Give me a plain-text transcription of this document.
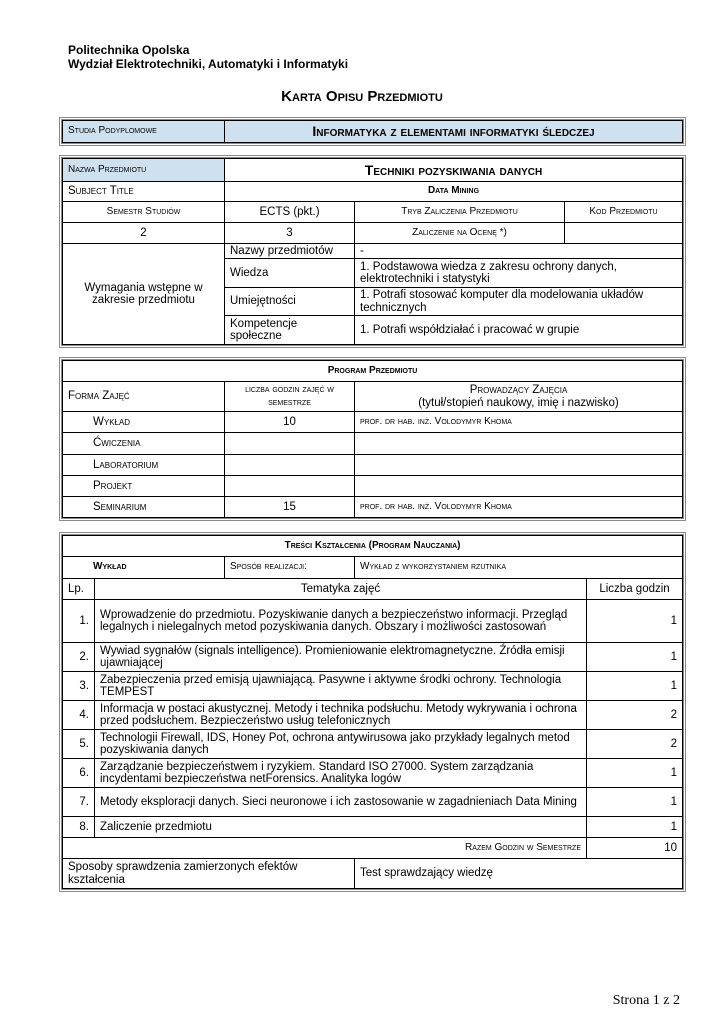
Politechnika Opolska
Wydział Elektrotechniki, Automatyki i Informatyki
Karta Opisu Przedmiotu
Studia Podyplomowe	Informatyka z elementami informatyki śledczej
Nazwa Przedmiotu	Techniki pozyskiwania danych		
Subject Title	Data Mining		
Semestr Studiów	ECTS (pkt.)	Tryb Zaliczenia Przedmiotu	Kod Przedmiotu
2	3	Zaliczenie na Ocenę *)	
Wymagania wstępne w zakresie przedmiotu	Nazwy przedmiotów	-	
	Wiedza	1. Podstawowa wiedza z zakresu ochrony danych, elektrotechniki i statystyki	
	Umiejętności	1. Potrafi stosować komputer dla modelowania układów technicznych	
	Kompetencje społeczne	1. Potrafi współdziałać i pracować w grupie	
Program Przedmiotu		
Forma Zajęć	liczba godzin zajęć w semestrze	Prowadzący Zajęcia
(tytuł/stopień naukowy, imię i nazwisko)

Wykład	10	prof. dr hab. inż. Volodymyr Khoma
Ćwiczenia		
Laboratorium		
Projekt		
Seminarium	15	prof. dr hab. inż. Volodymyr Khoma
Treści Kształcenia (Program Nauczania)				
Wykład		Sposób realizacji:	Wykład z wykorzystaniem rzutnika	
Lp.	Tematyka zajęć			Liczba godzin
1.	Wprowadzenie do przedmiotu. Pozyskiwanie danych a bezpieczeństwo informacji. Przegląd legalnych i nielegalnych metod pozyskiwania danych. Obszary i możliwości zastosowań			1
2.	Wywiad sygnałów (signals intelligence). Promieniowanie elektromagnetyczne. Źródła emisji ujawniającej			1
3.	Zabezpieczenia przed emisją ujawniającą. Pasywne i aktywne środki ochrony. Technologia TEMPEST			1
4.	Informacja w postaci akustycznej. Metody i technika podsłuchu. Metody wykrywania i ochrona przed podsłuchem. Bezpieczeństwo usług telefonicznych			2
5.	Technologii Firewall, IDS, Honey Pot, ochrona antywirusowa jako przykłady legalnych metod pozyskiwania danych			2
6.	Zarządzanie bezpieczeństwem i ryzykiem. Standard ISO 27000. System zarządzania incydentami bezpieczeństwa netForensics. Analityka logów			1
7.	Metody eksploracji danych. Sieci neuronowe i ich zastosowanie w zagadnieniach Data Mining			1
8.	Zaliczenie przedmiotu			1
Razem Godzin w Semestrze				10
Sposoby sprawdzenia zamierzonych efektów kształcenia			Test sprawdzający wiedzę	
Strona 1 z 2
